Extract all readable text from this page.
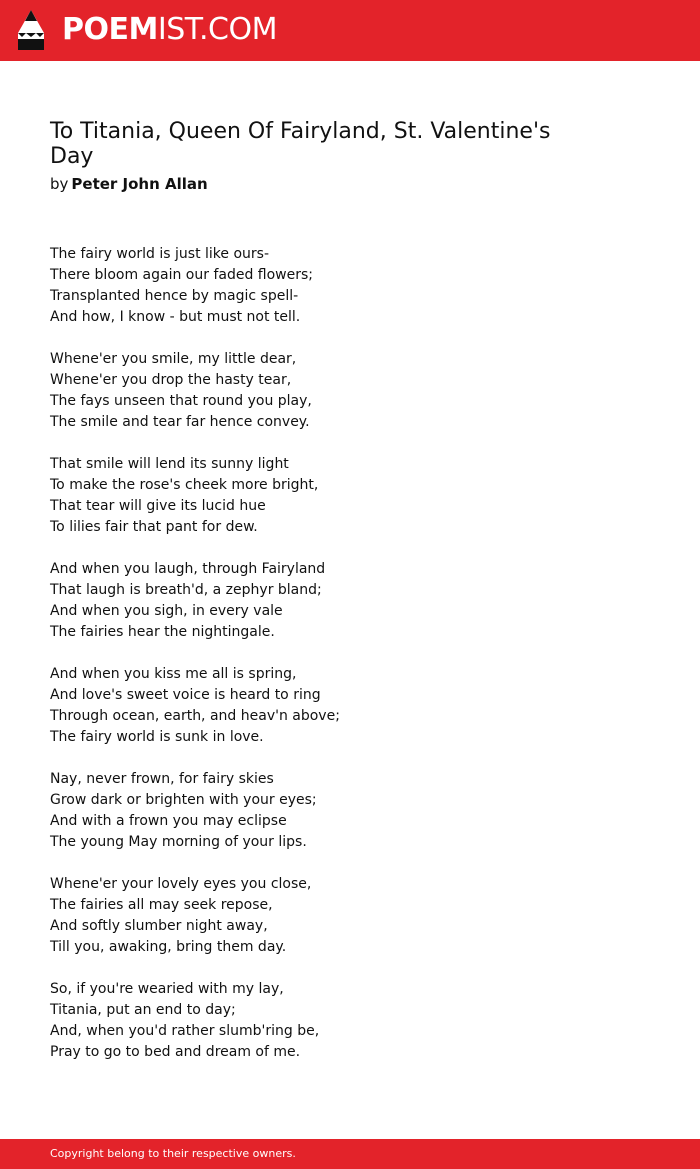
POEMIST.COM
To Titania, Queen Of Fairyland, St. Valentine's Day
by Peter John Allan
The fairy world is just like ours-
There bloom again our faded flowers;
Transplanted hence by magic spell-
And how, I know - but must not tell.
Whene'er you smile, my little dear,
Whene'er you drop the hasty tear,
The fays unseen that round you play,
The smile and tear far hence convey.
That smile will lend its sunny light
To make the rose's cheek more bright,
That tear will give its lucid hue
To lilies fair that pant for dew.
And when you laugh, through Fairyland
That laugh is breath'd, a zephyr bland;
And when you sigh, in every vale
The fairies hear the nightingale.
And when you kiss me all is spring,
And love's sweet voice is heard to ring
Through ocean, earth, and heav'n above;
The fairy world is sunk in love.
Nay, never frown, for fairy skies
Grow dark or brighten with your eyes;
And with a frown you may eclipse
The young May morning of your lips.
Whene'er your lovely eyes you close,
The fairies all may seek repose,
And softly slumber night away,
Till you, awaking, bring them day.
So, if you're wearied with my lay,
Titania, put an end to day;
And, when you'd rather slumb'ring be,
Pray to go to bed and dream of me.
Copyright belong to their respective owners.
